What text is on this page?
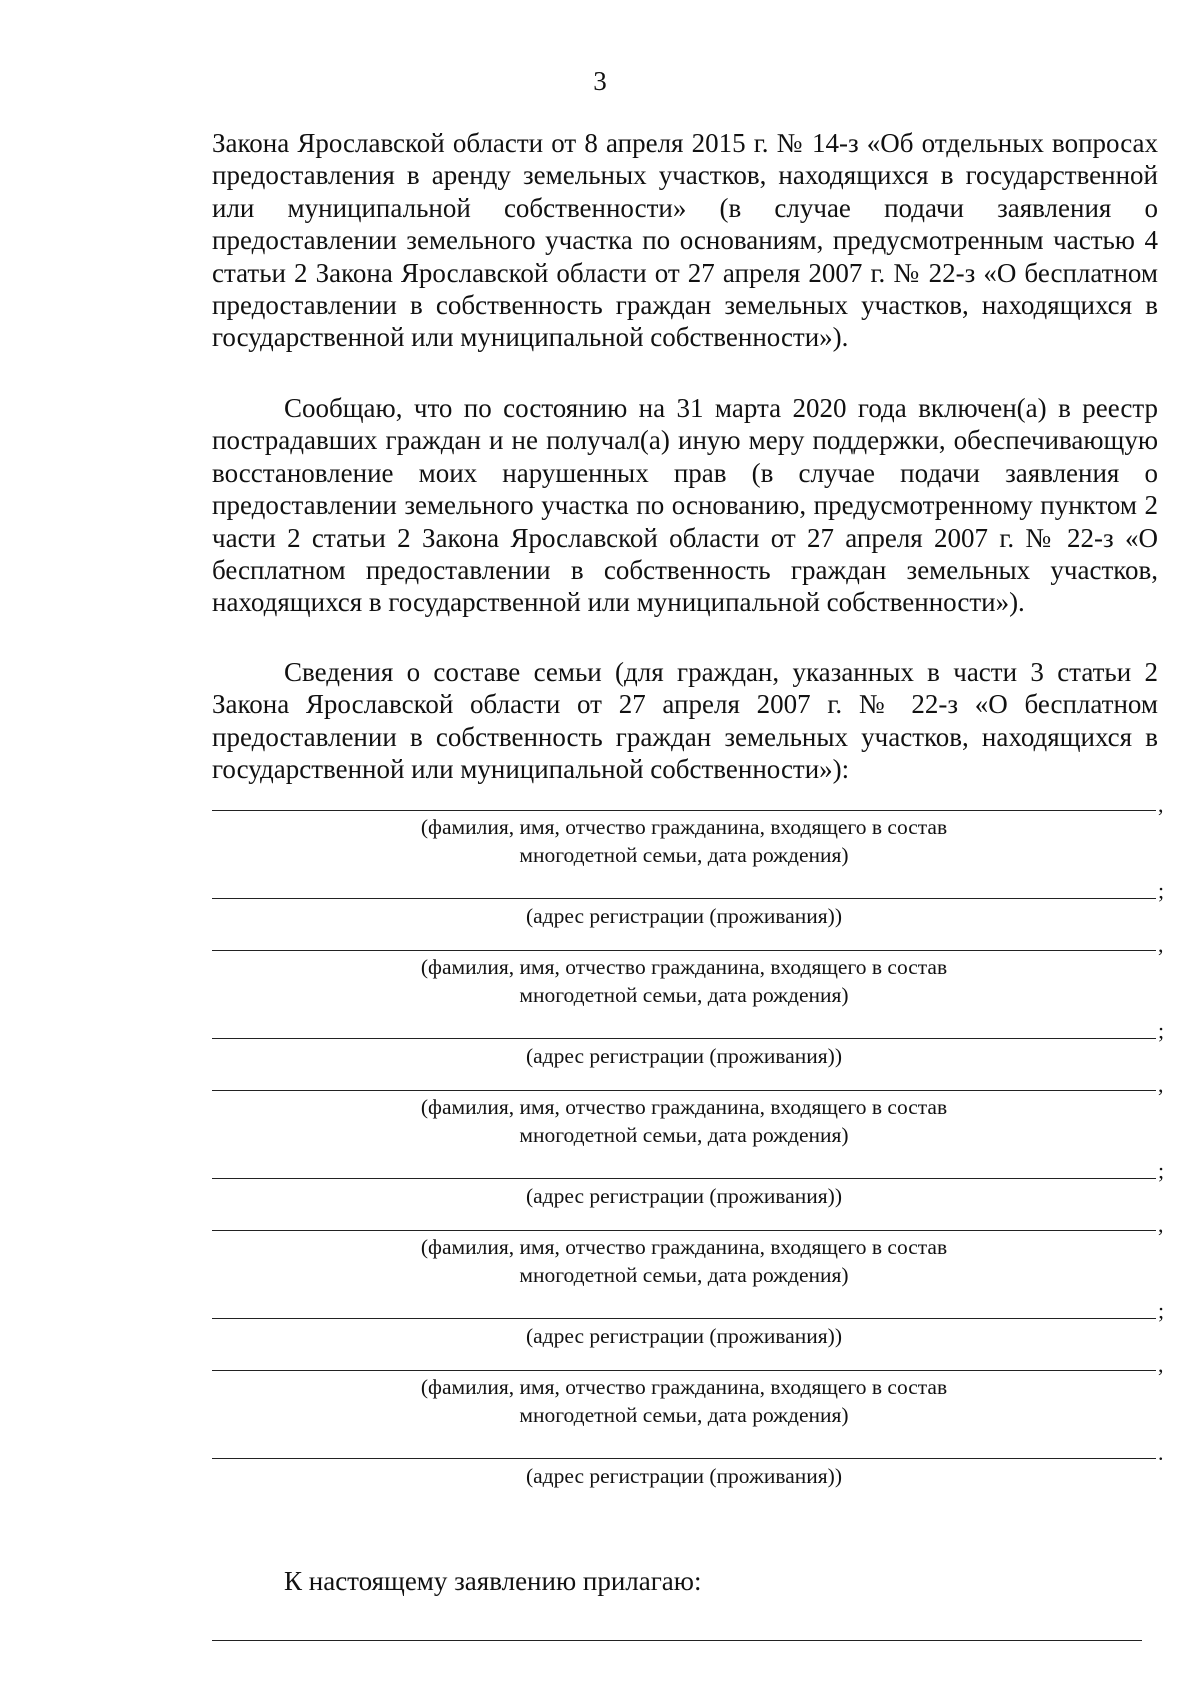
3

Закона Ярославской области от 8 апреля 2015 г. № 14-з «Об отдельных вопросах предоставления в аренду земельных участков, находящихся в государственной или муниципальной собственности» (в случае подачи заявления о предоставлении земельного участка по основаниям, предусмотренным частью 4 статьи 2 Закона Ярославской области от 27 апреля 2007 г. № 22-з «О бесплатном предоставлении в собственность граждан земельных участков, находящихся в государственной или муниципальной собственности»).

Сообщаю, что по состоянию на 31 марта 2020 года включен(а) в реестр пострадавших граждан и не получал(а) иную меру поддержки, обеспечивающую восстановление моих нарушенных прав (в случае подачи заявления о предоставлении земельного участка по основанию, предусмотренному пунктом 2 части 2 статьи 2 Закона Ярославской области от 27 апреля 2007 г. № 22-з «О бесплатном предоставлении в собственность граждан земельных участков, находящихся в государственной или муниципальной собственности»).

Сведения о составе семьи (для граждан, указанных в части 3 статьи 2 Закона Ярославской области от 27 апреля 2007 г. № 22-з «О бесплатном предоставлении в собственность граждан земельных участков, находящихся в государственной или муниципальной собственности»):

,
(фамилия, имя, отчество гражданина, входящего в состав многодетной семьи, дата рождения)
;
(адрес регистрации (проживания))
,
(фамилия, имя, отчество гражданина, входящего в состав многодетной семьи, дата рождения)
;
(адрес регистрации (проживания))
,
(фамилия, имя, отчество гражданина, входящего в состав многодетной семьи, дата рождения)
;
(адрес регистрации (проживания))
,
(фамилия, имя, отчество гражданина, входящего в состав многодетной семьи, дата рождения)
;
(адрес регистрации (проживания))
,
(фамилия, имя, отчество гражданина, входящего в состав многодетной семьи, дата рождения)
.
(адрес регистрации (проживания))
К настоящему заявлению прилагаю:
